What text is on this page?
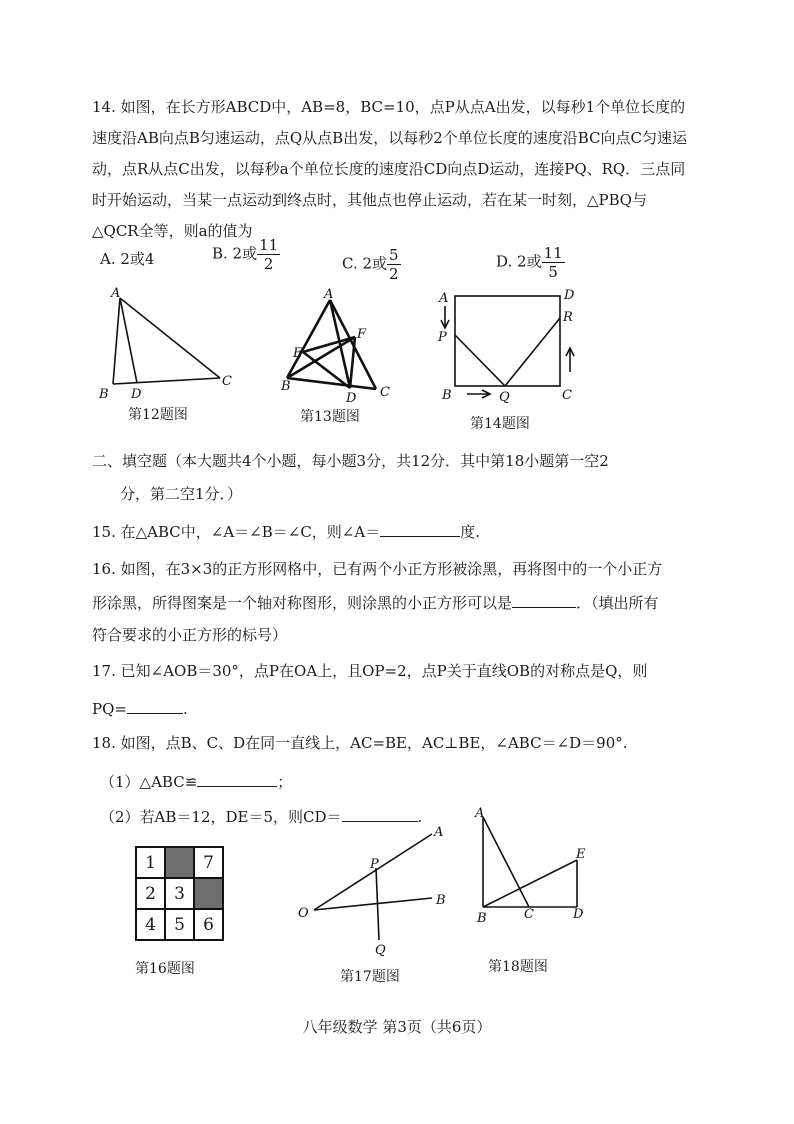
14. 如图，在长方形ABCD中，AB=8，BC=10，点P从点A出发，以每秒1个单位长度的速度沿AB向点B匀速运动，点Q从点B出发，以每秒2个单位长度的速度沿BC向点C匀速运动，点R从点C出发，以每秒a个单位长度的速度沿CD向点D运动，连接PQ、RQ．三点同时开始运动，当某一点运动到终点时，其他点也停止运动，若在某一时刻，△PBQ与△QCR全等，则a的值为
A. 2或4	B. 2或 $\frac{11}{2}$	C. 2或 $\frac{5}{2}$	D. 2或 $\frac{11}{5}$
A
B D
C
A
E
F
B
D C
A
P
B	Q	C
D
R
O
P
A
B
Q
A
B	C	D
E
第12题图	第13题图	第14题图
二、填空题（本大题共4个小题，每小题3分，共12分．其中第18小题第一空2
分，第二空1分．）
15. 在△ABC中，∠A＝∠B＝∠C，则∠A＝	度.
16. 如图，在3×3的正方形网格中，已有两个小正方形被涂黑，再将图中的一个小正方
形涂黑，所得图案是一个轴对称图形，则涂黑的小正方形可以是	．（填出所有
符合要求的小正方形的标号）
17. 已知∠AOB＝30°，点P在OA上，且OP=2，点P关于直线OB的对称点是Q，则
PQ=	.
18. 如图，点B、C、D在同一直线上，AC=BE，AC⊥BE，∠ABC＝∠D＝90°.
（1）△ABC≌	；
（2）若AB＝12，DE＝5，则CD＝	.
1		7
2	3	
4	5	6
第16题图	第17题图
第18题图
八年级数学 第3页（共6页）
